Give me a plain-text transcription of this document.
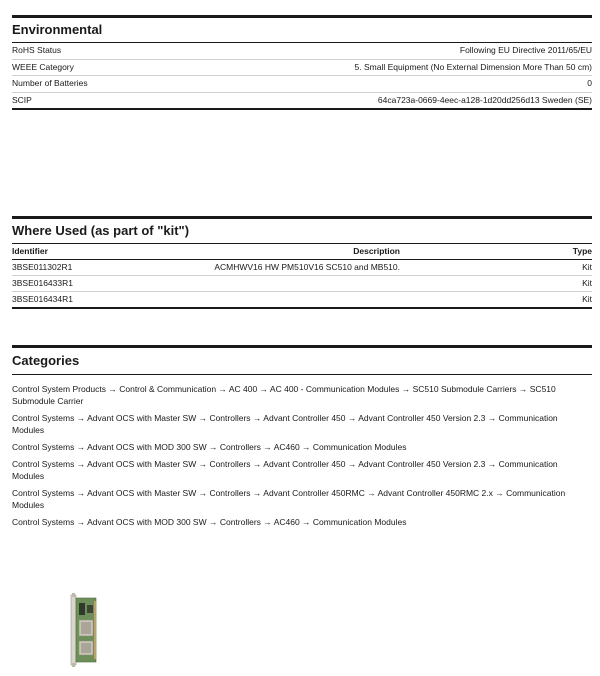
Environmental
RoHS Status	Following EU Directive 2011/65/EU
WEEE Category	5. Small Equipment (No External Dimension More Than 50 cm)
Number of Batteries	0
SCIP	64ca723a-0669-4eec-a128-1d20dd256d13 Sweden (SE)
Where Used (as part of "kit")
Identifier	Description	Type
3BSE011302R1	ACMHWV16 HW PM510V16 SC510 and MB510.	Kit
3BSE016433R1		Kit
3BSE016434R1		Kit
Categories
Control System Products → Control & Communication → AC 400 → AC 400 - Communication Modules → SC510 Submodule Carriers → SC510 Submodule Carrier
Control Systems → Advant OCS with Master SW → Controllers → Advant Controller 450 → Advant Controller 450 Version 2.3 → Communication Modules
Control Systems → Advant OCS with MOD 300 SW → Controllers → AC460 → Communication Modules
Control Systems → Advant OCS with Master SW → Controllers → Advant Controller 450 → Advant Controller 450 Version 2.3 → Communication Modules
Control Systems → Advant OCS with Master SW → Controllers → Advant Controller 450RMC → Advant Controller 450RMC 2.x → Communication Modules
Control Systems → Advant OCS with MOD 300 SW → Controllers → AC460 → Communication Modules
